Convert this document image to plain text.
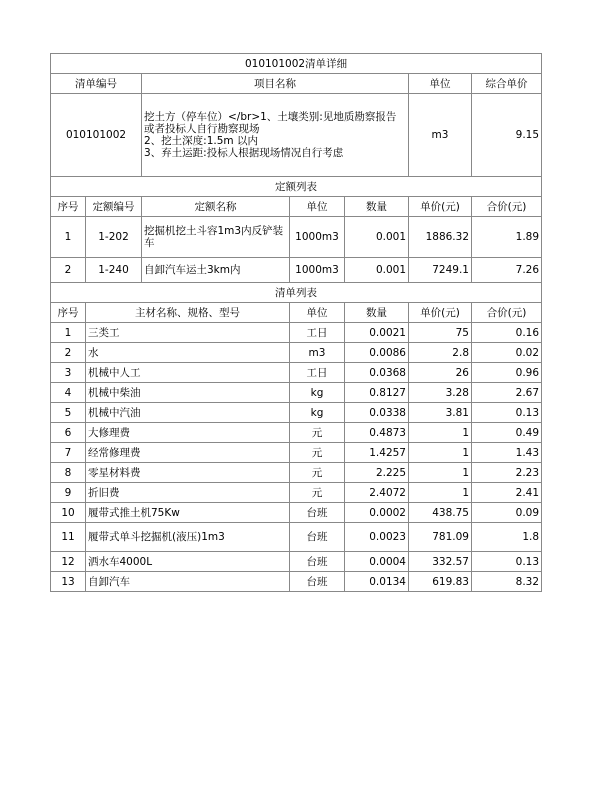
010101002清单详细						
清单编号		项目名称			单位	综合单价
010101002		挖土方（停车位）</br>1、土壤类别:见地质勘察报告或者投标人自行勘察现场
2、挖土深度:1.5m 以内
3、弃土运距:投标人根据现场情况自行考虑			m3	9.15
定额列表						
序号	定额编号	定额名称	单位	数量	单价(元)	合价(元)
1	1-202	挖掘机挖土斗容1m3内反铲装车	1000m3	0.001	1886.32	1.89
2	1-240	自卸汽车运土3km内	1000m3	0.001	7249.1	7.26
清单列表						
序号	主材名称、规格、型号		单位	数量	单价(元)	合价(元)
1	三类工		工日	0.0021	75	0.16
2	水		m3	0.0086	2.8	0.02
3	机械中人工		工日	0.0368	26	0.96
4	机械中柴油		kg	0.8127	3.28	2.67
5	机械中汽油		kg	0.0338	3.81	0.13
6	大修理费		元	0.4873	1	0.49
7	经常修理费		元	1.4257	1	1.43
8	零星材料费		元	2.225	1	2.23
9	折旧费		元	2.4072	1	2.41
10	履带式推土机75Kw		台班	0.0002	438.75	0.09
11	履带式单斗挖掘机(液压)1m3		台班	0.0023	781.09	1.8
12	洒水车4000L		台班	0.0004	332.57	0.13
13	自卸汽车		台班	0.0134	619.83	8.32
